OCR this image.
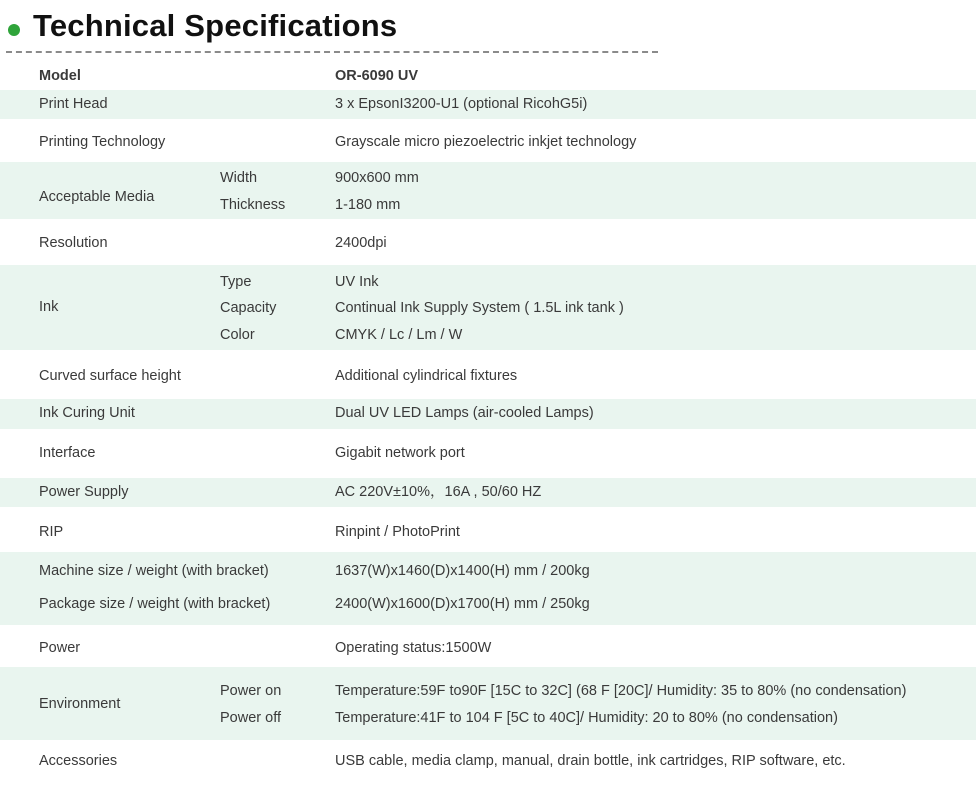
Technical Specifications
Model	OR-6090 UV
Print Head	3 x EpsonI3200-U1 (optional RicohG5i)
Printing Technology	Grayscale micro piezoelectric inkjet technology
Acceptable Media
Width	900x600 mm
Thickness	1-180 mm
Resolution	2400dpi
Ink
Type	UV Ink
Capacity	Continual Ink Supply System ( 1.5L ink tank )
Color	CMYK / Lc / Lm / W
Curved surface height	Additional cylindrical fixtures
Ink Curing Unit	Dual UV LED Lamps (air-cooled Lamps)
Interface	Gigabit network port
Power Supply	AC 220V±10%，16A , 50/60 HZ
RIP	Rinpint / PhotoPrint
Machine size / weight (with bracket)	1637(W)x1460(D)x1400(H) mm / 200kg
Package size / weight (with bracket)	2400(W)x1600(D)x1700(H) mm / 250kg
Power	Operating status:1500W
Environment
Power on	Temperature:59F to90F [15C to 32C] (68 F [20C]/ Humidity: 35 to 80% (no condensation)
Power off	Temperature:41F to 104 F [5C to 40C]/ Humidity: 20 to 80% (no condensation)
Accessories	USB cable, media clamp, manual, drain bottle, ink cartridges, RIP software, etc.
